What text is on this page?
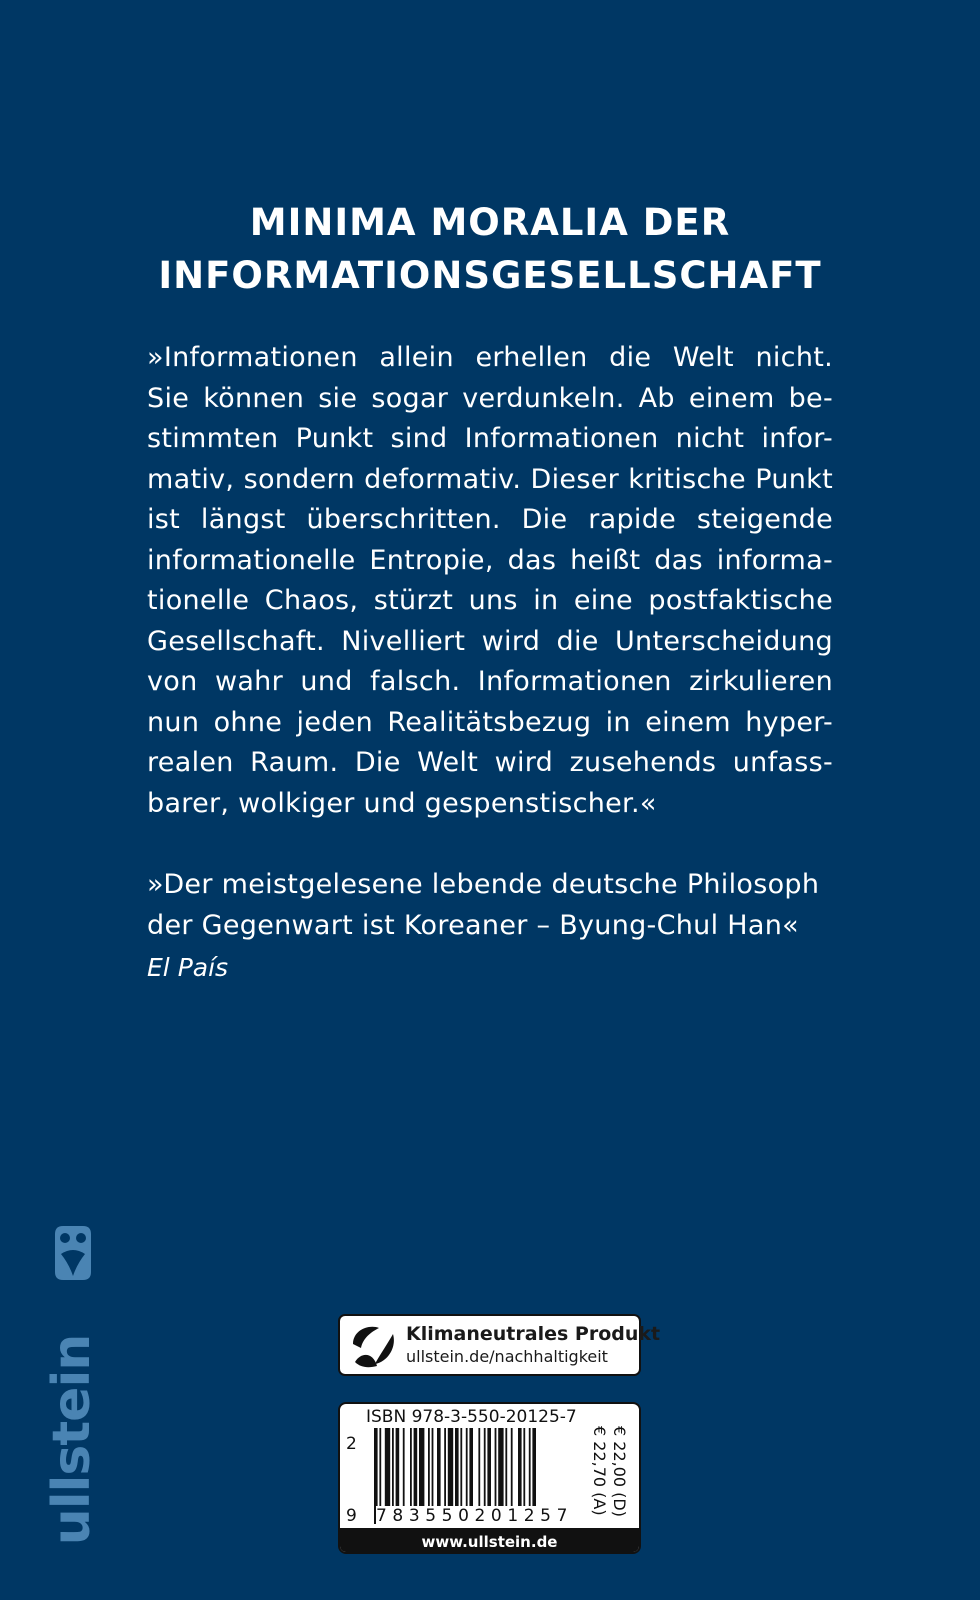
MINIMA MORALIA DER
INFORMATIONSGESELLSCHAFT
»Informationen allein erhellen die Welt nicht.
Sie können sie sogar verdunkeln. Ab einem be-
stimmten Punkt sind Informationen nicht infor-
mativ, sondern deformativ. Dieser kritische Punkt
ist längst überschritten. Die rapide steigende
informationelle Entropie, das heißt das informa-
tionelle Chaos, stürzt uns in eine postfaktische
Gesellschaft. Nivelliert wird die Unterscheidung
von wahr und falsch. Informationen zirkulieren
nun ohne jeden Realitätsbezug in einem hyper-
realen Raum. Die Welt wird zusehends unfass-
barer, wolkiger und gespenstischer.«
»Der meistgelesene lebende deutsche Philosoph
der Gegenwart ist Koreaner – Byung-Chul Han«
El País
ullstein
Klimaneutrales Produkt
ullstein.de/nachhaltigkeit
ISBN 978-3-550-20125-7
2
9 783550201257	€ 22,00 (D)
€ 22,70 (A)
www.ullstein.de
